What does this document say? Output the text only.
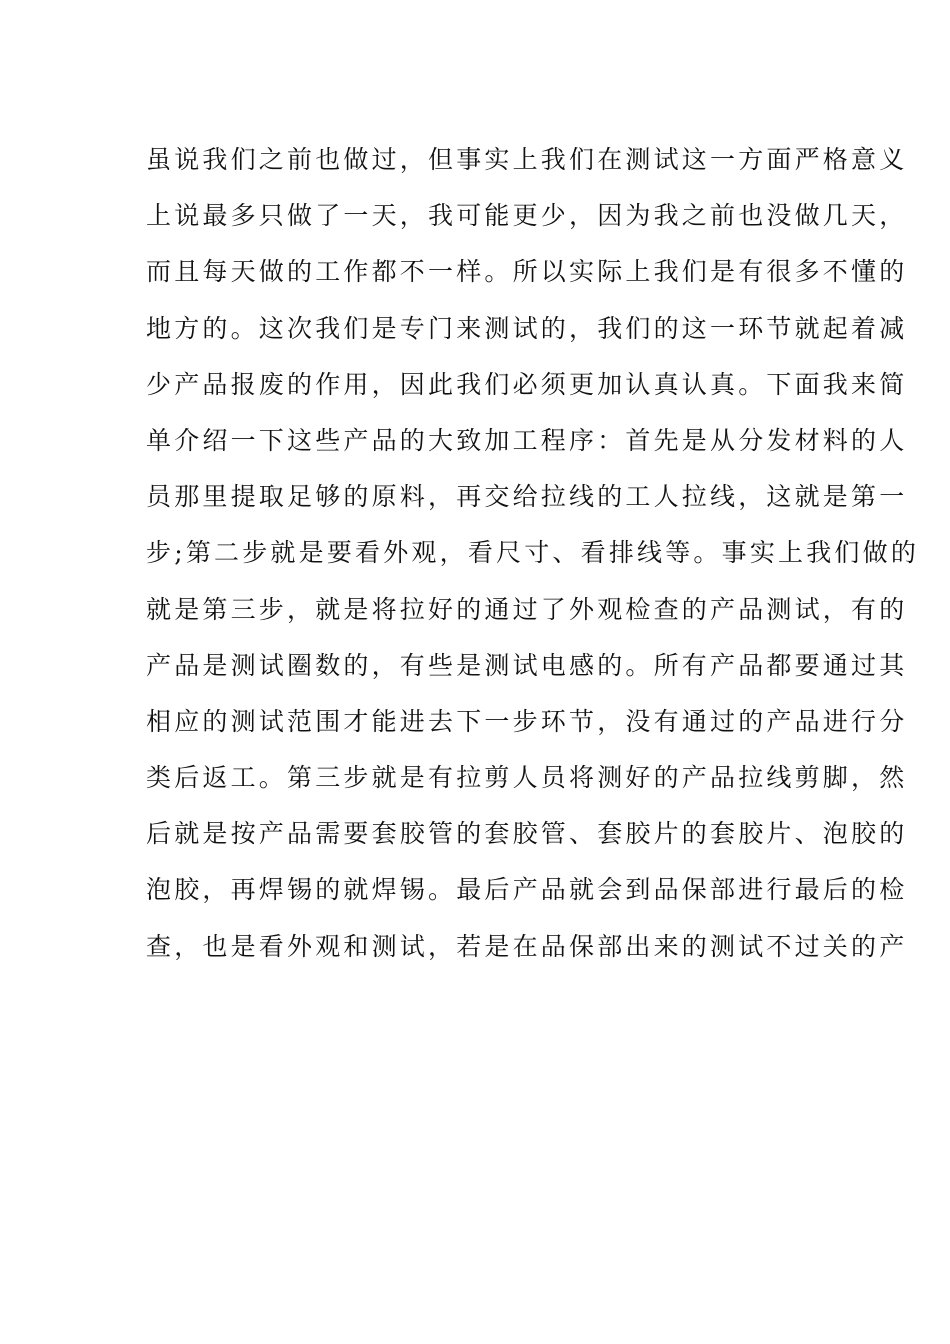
虽说我们之前也做过，但事实上我们在测试这一方面严格意义
上说最多只做了一天，我可能更少，因为我之前也没做几天，
而且每天做的工作都不一样。所以实际上我们是有很多不懂的
地方的。这次我们是专门来测试的，我们的这一环节就起着减
少产品报废的作用，因此我们必须更加认真认真。下面我来简
单介绍一下这些产品的大致加工程序：首先是从分发材料的人
员那里提取足够的原料，再交给拉线的工人拉线，这就是第一
步;第二步就是要看外观，看尺寸、看排线等。事实上我们做的
就是第三步，就是将拉好的通过了外观检查的产品测试，有的
产品是测试圈数的，有些是测试电感的。所有产品都要通过其
相应的测试范围才能进去下一步环节，没有通过的产品进行分
类后返工。第三步就是有拉剪人员将测好的产品拉线剪脚，然
后就是按产品需要套胶管的套胶管、套胶片的套胶片、泡胶的
泡胶，再焊锡的就焊锡。最后产品就会到品保部进行最后的检
查，也是看外观和测试，若是在品保部出来的测试不过关的产
